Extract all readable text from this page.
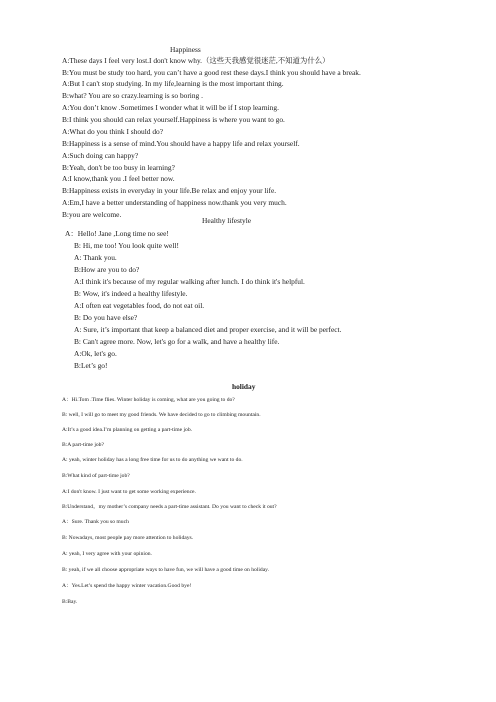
Happiness
A:These days I feel very lost.I don't know why.（这些天我感觉很迷茫,不知道为什么）
B:You must be study too hard, you can’t have a good rest these days.I think you should have a break.
A:But I can't stop studying. In my life,learning is the most important thing.
B:what? You are so crazy.learning is so boring .
A:You don’t know .Sometimes I wonder what it will be if I stop learning.
B:I think you should can relax yourself.Happiness is where you want to go.
A:What do you think I should do?
B:Happiness is a sense of mind.You should have a happy life and relax yourself.
A:Such doing can happy?
B:Yeah, don't be too busy in learning?
A:I know,thank you .I feel better now.
B:Happiness exists in everyday in your life.Be relax and enjoy your life.
A:Em,I have a better understanding of happiness now.thank you very much.
B:you are welcome.
Healthy lifestyle
A：Hello! Jane ,Long time no see!
B: Hi, me too! You look quite well!
A: Thank you.
B:How are you to do?
A:I think it's because of my regular walking after lunch. I do think it's helpful.
B: Wow, it's indeed a healthy lifestyle.
A:I often eat vegetables food, do not eat oil.
B: Do you have else?
A: Sure, it’s important that keep a balanced diet and proper exercise, and it will be perfect.
B: Can't agree more. Now, let's go for a walk, and have a healthy life.
A:Ok, let's go.
B:Let’s go!
holiday
A：Hi.Tom .Time flies. Winter holiday is coming, what are you going to do?
B: well, I will go to meet my good friends. We have decided to go to climbing mountain.
A:It’s a good idea.I’m planning on getting a part-time job.
B:A part-time job?
A: yeah, winter holiday has a long free time for us to do anything we want to do.
B:What kind of part-time job?
A:I don't know. I just want to get some working experience.
B:Understand，my mother’s company needs a part-time assistant. Do you want to check it out?
A：Sure. Thank you so much
B: Nowadays, most people pay more attention to holidays.
A: yeah, I very agree with your opinion.
B: yeah, if we all choose appropriate ways to have fun, we will have a good time on holiday.
A：Yes.Let’s spend the happy winter vacation.Good bye!
B:Bay.
